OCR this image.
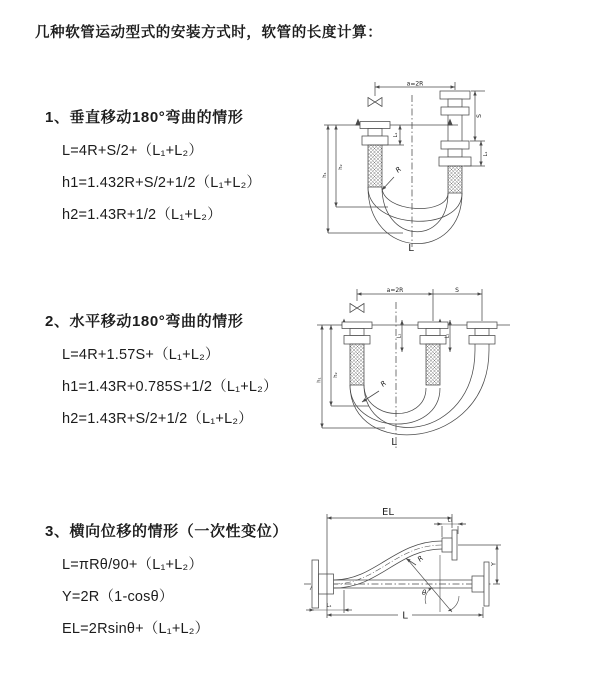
几种软管运动型式的安装方式时，软管的长度计算：
1、垂直移动180°弯曲的情形
L=4R+S/2+（L₁+L₂）
h1=1.432R+S/2+1/2（L₁+L₂）
h2=1.43R+1/2（L₁+L₂）
2、水平移动180°弯曲的情形
L=4R+1.57S+（L₁+L₂）
h1=1.43R+0.785S+1/2（L₁+L₂）
h2=1.43R+S/2+1/2（L₁+L₂）
3、横向位移的情形（一次性变位）
L=πRθ/90+（L₁+L₂）
Y=2R（1-cosθ）
EL=2Rsinθ+（L₁+L₂）
a=2R
L₁
S
L₁
h₁
h₂	R
L
a=2R	S
L₁	L₁
h₁
h₂
R
L
EL
L₁
Y
R
θ
L
L₁
